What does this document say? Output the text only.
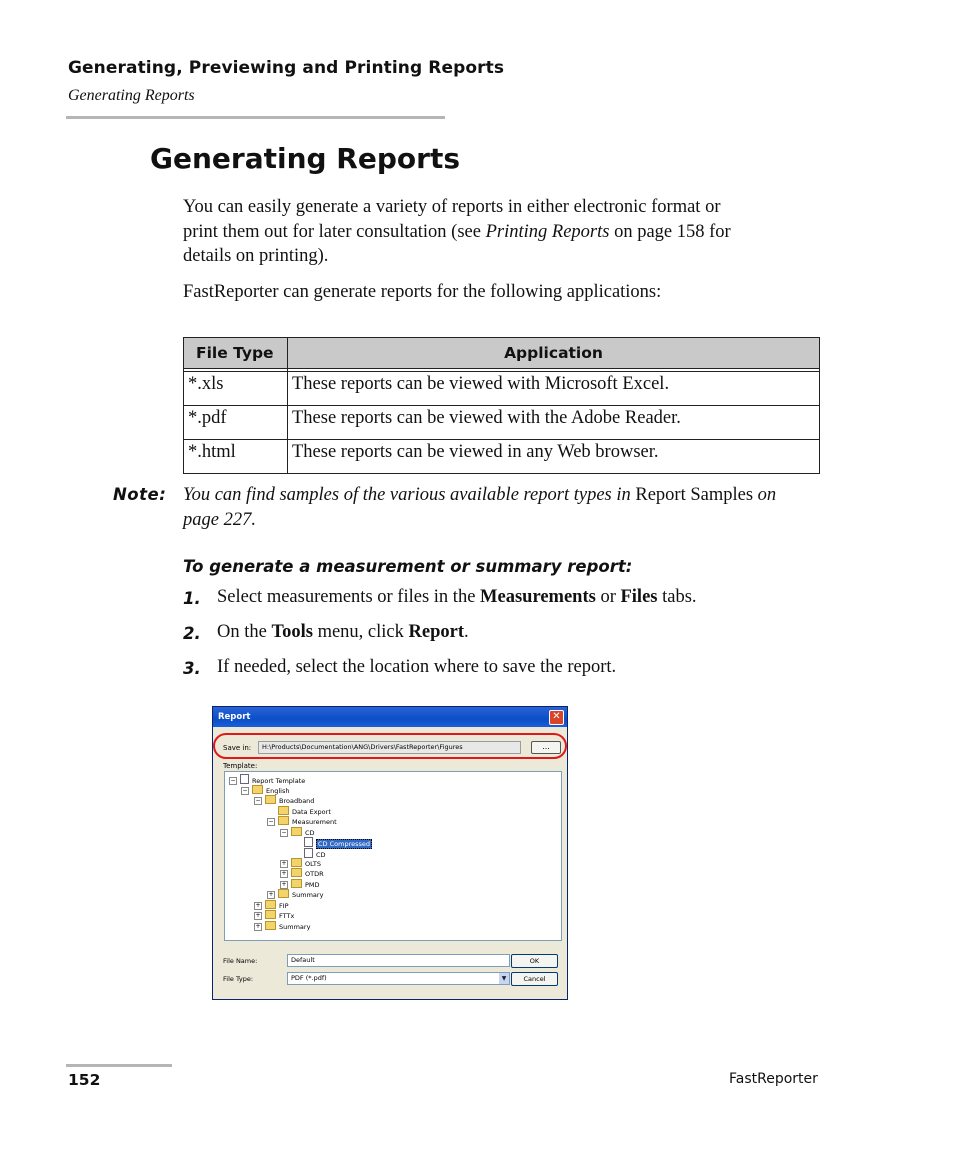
Generating, Previewing and Printing Reports
Generating Reports
Generating Reports
You can easily generate a variety of reports in either electronic format or
print them out for later consultation (see Printing Reports on page 158 for
details on printing).
FastReporter can generate reports for the following applications:
File Type	Application

*.xls	These reports can be viewed with Microsoft Excel.
*.pdf	These reports can be viewed with the Adobe Reader.
*.html	These reports can be viewed in any Web browser.
Note: You can find samples of the various available report types in Report Samples on page 227.
To generate a measurement or summary report:
1. Select measurements or files in the Measurements or Files tabs.
2. On the Tools menu, click Report.
3. If needed, select the location where to save the report.
Report	✕
Save in:	H:\Products\Documentation\ANG\Drivers\FastReporter\Figures	...
Template:
−	Report Template
−	English
−	Broadband
Data Export
−	Measurement
−	CD
CD Compressed
CD
+	OLTS
+	OTDR
+	PMD
+	Summary
+	FIP
+	FTTx
+	Summary
File Name:	Default
File Type:	PDF (*.pdf)	▼
OK
Cancel
152	FastReporter
